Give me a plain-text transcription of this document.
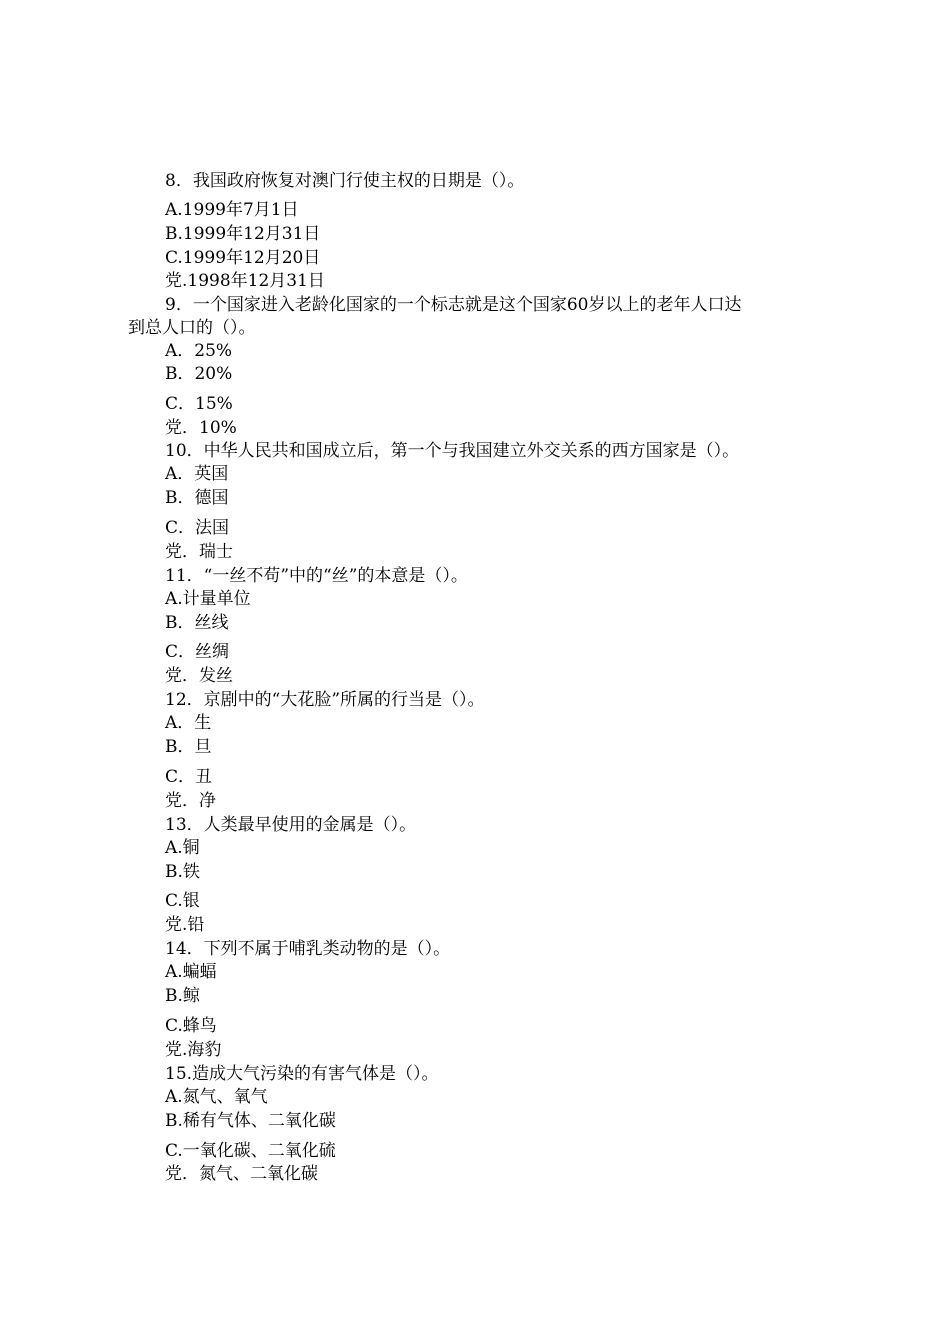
8．我国政府恢复对澳门行使主权的日期是（）。
A.1999年7月1日
B.1999年12月31日
C.1999年12月20日
党.1998年12月31日
9．一个国家进入老龄化国家的一个标志就是这个国家60岁以上的老年人口达
到总人口的（）。
A．25%
B．20%
C．15%
党．10%
10．中华人民共和国成立后，第一个与我国建立外交关系的西方国家是（）。
A．英国
B．德国
C．法国
党．瑞士
11．“一丝不苟”中的“丝”的本意是（）。
A.计量单位
B．丝线
C．丝绸
党．发丝
12．京剧中的“大花脸”所属的行当是（）。
A．生
B．旦
C．丑
党．净
13．人类最早使用的金属是（）。
A.铜
B.铁
C.银
党.铅
14．下列不属于哺乳类动物的是（）。
A.蝙蝠
B.鲸
C.蜂鸟
党.海豹
15.造成大气污染的有害气体是（）。
A.氮气、氧气
B.稀有气体、二氧化碳
C.一氧化碳、二氧化硫
党．氮气、二氧化碳
